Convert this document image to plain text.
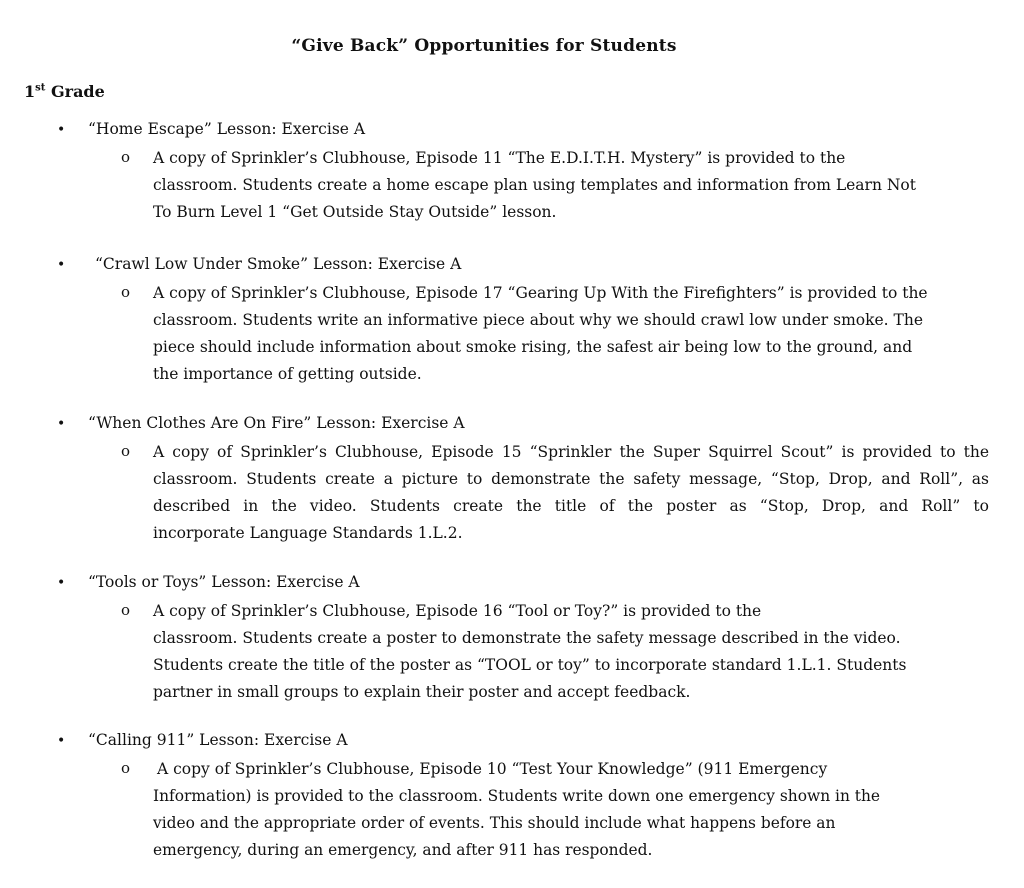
“Give Back” Opportunities for Students
1st Grade
• “Home Escape” Lesson: Exercise A
o A copy of Sprinkler’s Clubhouse, Episode 11 “The E.D.I.T.H. Mystery” is provided to the
classroom. Students create a home escape plan using templates and information from Learn Not
To Burn Level 1 “Get Outside Stay Outside” lesson.
• “Crawl Low Under Smoke” Lesson: Exercise A
o A copy of Sprinkler’s Clubhouse, Episode 17 “Gearing Up With the Firefighters” is provided to the
classroom. Students write an informative piece about why we should crawl low under smoke. The
piece should include information about smoke rising, the safest air being low to the ground, and
the importance of getting outside.
• “When Clothes Are On Fire” Lesson: Exercise A
o A copy of Sprinkler’s Clubhouse, Episode 15 “Sprinkler the Super Squirrel Scout” is provided to the
classroom. Students create a picture to demonstrate the safety message, “Stop, Drop, and Roll”, as
described in the video. Students create the title of the poster as “Stop, Drop, and Roll” to
incorporate Language Standards 1.L.2.
• “Tools or Toys” Lesson: Exercise A
o A copy of Sprinkler’s Clubhouse, Episode 16 “Tool or Toy?” is provided to the
classroom. Students create a poster to demonstrate the safety message described in the video.
Students create the title of the poster as “TOOL or toy” to incorporate standard 1.L.1. Students
partner in small groups to explain their poster and accept feedback.
• “Calling 911” Lesson: Exercise A
o A copy of Sprinkler’s Clubhouse, Episode 10 “Test Your Knowledge” (911 Emergency
Information) is provided to the classroom. Students write down one emergency shown in the
video and the appropriate order of events. This should include what happens before an
emergency, during an emergency, and after 911 has responded.
